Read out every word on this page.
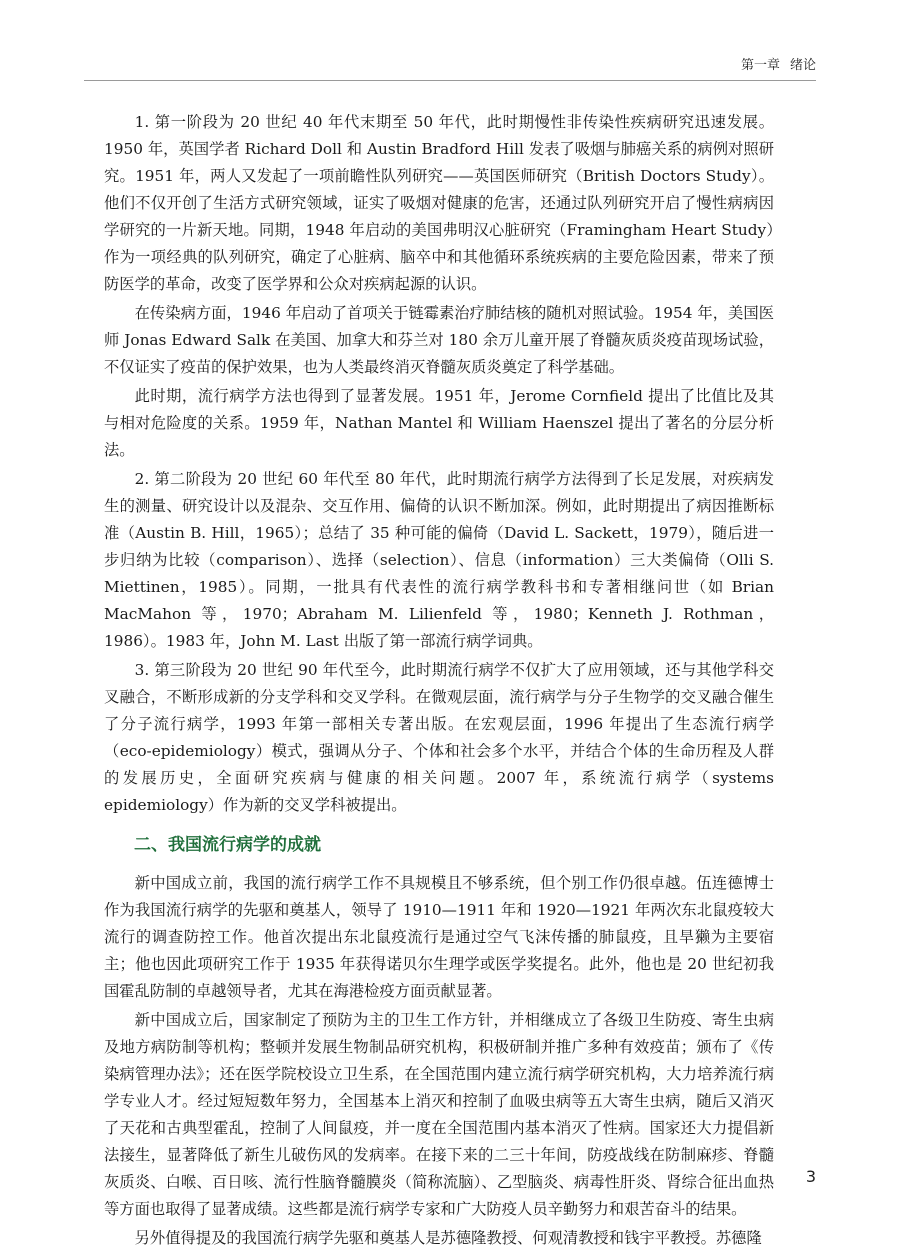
第一章 绪论

1. 第一阶段为 20 世纪 40 年代末期至 50 年代，此时期慢性非传染性疾病研究迅速发展。1950 年，英国学者 Richard Doll 和 Austin Bradford Hill 发表了吸烟与肺癌关系的病例对照研究。1951 年，两人又发起了一项前瞻性队列研究——英国医师研究（British Doctors Study）。他们不仅开创了生活方式研究领域，证实了吸烟对健康的危害，还通过队列研究开启了慢性病病因学研究的一片新天地。同期，1948 年启动的美国弗明汉心脏研究（Framingham Heart Study）作为一项经典的队列研究，确定了心脏病、脑卒中和其他循环系统疾病的主要危险因素，带来了预防医学的革命，改变了医学界和公众对疾病起源的认识。

在传染病方面，1946 年启动了首项关于链霉素治疗肺结核的随机对照试验。1954 年，美国医师 Jonas Edward Salk 在美国、加拿大和芬兰对 180 余万儿童开展了脊髓灰质炎疫苗现场试验，不仅证实了疫苗的保护效果，也为人类最终消灭脊髓灰质炎奠定了科学基础。

此时期，流行病学方法也得到了显著发展。1951 年，Jerome Cornfield 提出了比值比及其与相对危险度的关系。1959 年，Nathan Mantel 和 William Haenszel 提出了著名的分层分析法。

2. 第二阶段为 20 世纪 60 年代至 80 年代，此时期流行病学方法得到了长足发展，对疾病发生的测量、研究设计以及混杂、交互作用、偏倚的认识不断加深。例如，此时期提出了病因推断标准（Austin B. Hill，1965）；总结了 35 种可能的偏倚（David L. Sackett，1979），随后进一步归纳为比较（comparison）、选择（selection）、信息（information）三大类偏倚（Olli S. Miettinen，1985）。同期，一批具有代表性的流行病学教科书和专著相继问世（如 Brian MacMahon 等，1970；Abraham M. Lilienfeld 等，1980；Kenneth J. Rothman，1986）。1983 年，John M. Last 出版了第一部流行病学词典。

3. 第三阶段为 20 世纪 90 年代至今，此时期流行病学不仅扩大了应用领域，还与其他学科交叉融合，不断形成新的分支学科和交叉学科。在微观层面，流行病学与分子生物学的交叉融合催生了分子流行病学，1993 年第一部相关专著出版。在宏观层面，1996 年提出了生态流行病学（eco-epidemiology）模式，强调从分子、个体和社会多个水平，并结合个体的生命历程及人群的发展历史，全面研究疾病与健康的相关问题。2007 年，系统流行病学（systems epidemiology）作为新的交叉学科被提出。

二、我国流行病学的成就

新中国成立前，我国的流行病学工作不具规模且不够系统，但个别工作仍很卓越。伍连德博士作为我国流行病学的先驱和奠基人，领导了 1910—1911 年和 1920—1921 年两次东北鼠疫较大流行的调查防控工作。他首次提出东北鼠疫流行是通过空气飞沫传播的肺鼠疫，且旱獭为主要宿主；他也因此项研究工作于 1935 年获得诺贝尔生理学或医学奖提名。此外，他也是 20 世纪初我国霍乱防制的卓越领导者，尤其在海港检疫方面贡献显著。

新中国成立后，国家制定了预防为主的卫生工作方针，并相继成立了各级卫生防疫、寄生虫病及地方病防制等机构；整顿并发展生物制品研究机构，积极研制并推广多种有效疫苗；颁布了《传染病管理办法》；还在医学院校设立卫生系，在全国范围内建立流行病学研究机构，大力培养流行病学专业人才。经过短短数年努力，全国基本上消灭和控制了血吸虫病等五大寄生虫病，随后又消灭了天花和古典型霍乱，控制了人间鼠疫，并一度在全国范围内基本消灭了性病。国家还大力提倡新法接生，显著降低了新生儿破伤风的发病率。在接下来的二三十年间，防疫战线在防制麻疹、脊髓灰质炎、白喉、百日咳、流行性脑脊髓膜炎（简称流脑）、乙型脑炎、病毒性肝炎、肾综合征出血热等方面也取得了显著成绩。这些都是流行病学专家和广大防疫人员辛勤努力和艰苦奋斗的结果。

另外值得提及的我国流行病学先驱和奠基人是苏德隆教授、何观清教授和钱宇平教授。苏德隆

3
